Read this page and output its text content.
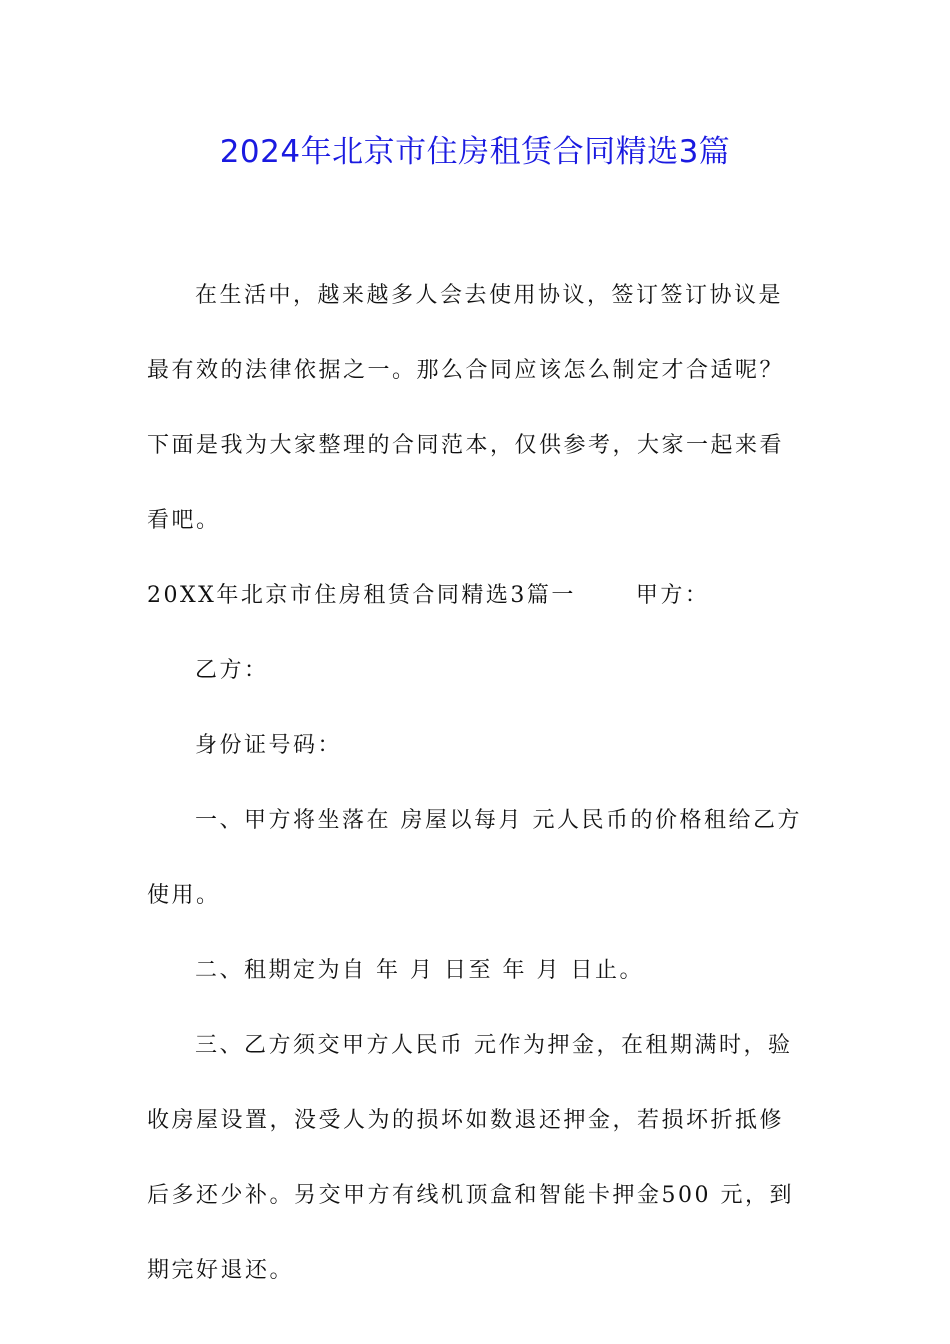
2024年北京市住房租赁合同精选3篇

在生活中，越来越多人会去使用协议，签订签订协议是最有效的法律依据之一。那么合同应该怎么制定才合适呢？下面是我为大家整理的合同范本，仅供参考，大家一起来看看吧。

20XX年北京市住房租赁合同精选3篇一	甲方：

乙方：

身份证号码：

一、甲方将坐落在 房屋以每月 元人民币的价格租给乙方使用。

二、租期定为自 年 月 日至 年 月 日止。

三、乙方须交甲方人民币 元作为押金，在租期满时，验收房屋设置，没受人为的损坏如数退还押金，若损坏折抵修后多还少补。另交甲方有线机顶盒和智能卡押金500 元，到期完好退还。
